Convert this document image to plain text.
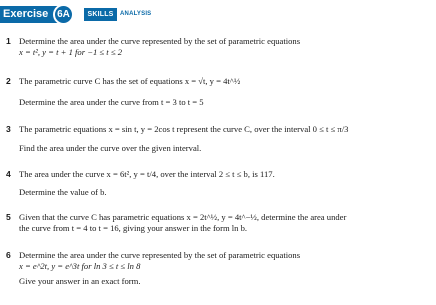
Exercise 6A	SKILLS	ANALYSIS
1 Determine the area under the curve represented by the set of parametric equations
x = t², y = t + 1 for −1 ≤ t ≤ 2
2 The parametric curve C has the set of equations x = √t, y = 4t^½
Determine the area under the curve from t = 3 to t = 5
3 The parametric equations x = sin t, y = 2cos t represent the curve C, over the interval 0 ≤ t ≤ π/3
Find the area under the curve over the given interval.
4 The area under the curve x = 6t², y = t/4, over the interval 2 ≤ t ≤ b, is 117.
Determine the value of b.
5 Given that the curve C has parametric equations x = 2t^½, y = 4t^−½, determine the area under
the curve from t = 4 to t = 16, giving your answer in the form ln b.
6 Determine the area under the curve represented by the set of parametric equations
x = e^2t, y = e^3t for ln 3 ≤ t ≤ ln 8
Give your answer in an exact form.
